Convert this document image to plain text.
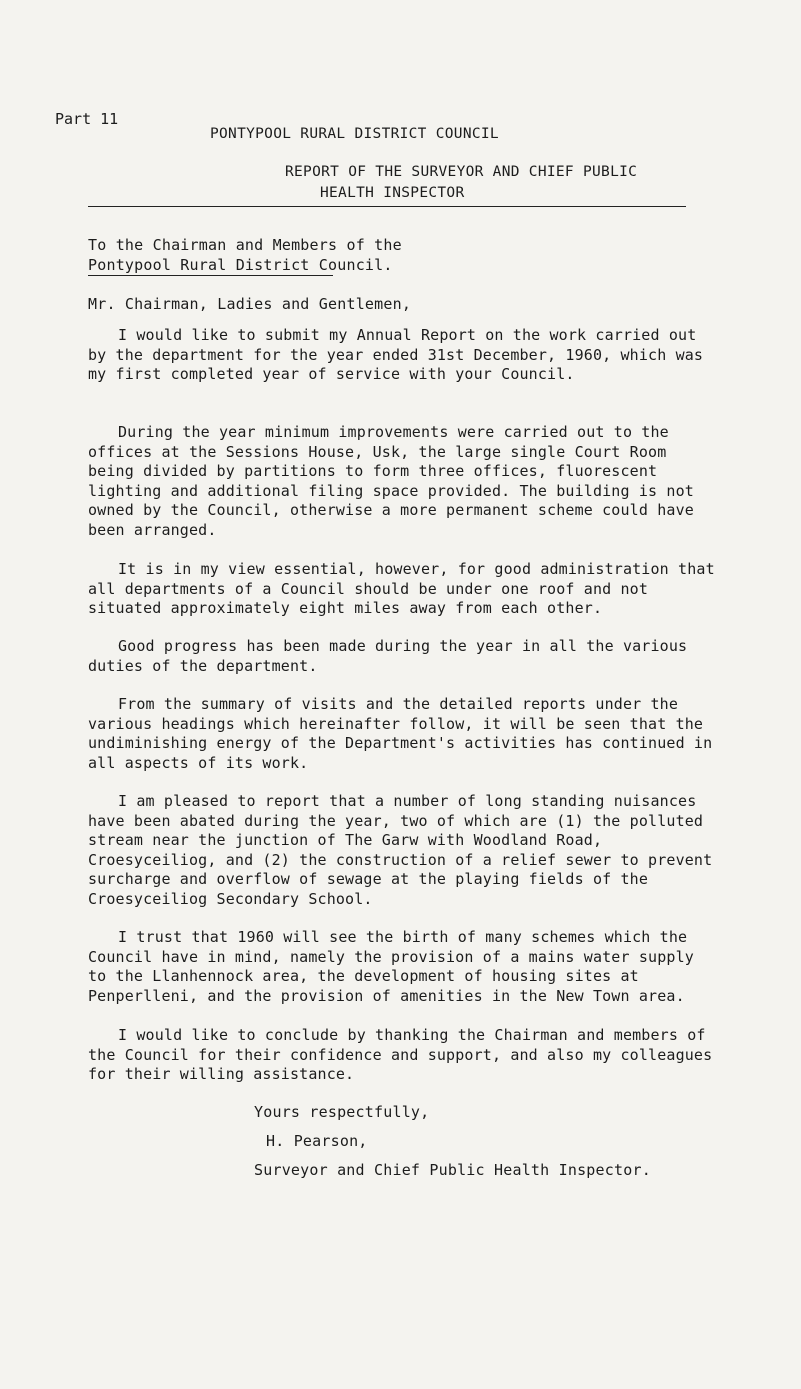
Part 11
PONTYPOOL RURAL DISTRICT COUNCIL
REPORT OF THE SURVEYOR AND CHIEF PUBLIC
HEALTH INSPECTOR
To the Chairman and Members of the
Pontypool Rural District Council.
Mr. Chairman, Ladies and Gentlemen,

I would like to submit my Annual Report on the work carried out by the department for the year ended 31st December, 1960, which was my first completed year of service with your Council.

During the year minimum improvements were carried out to the offices at the Sessions House, Usk, the large single Court Room being divided by partitions to form three offices, fluorescent lighting and additional filing space provided. The building is not owned by the Council, otherwise a more permanent scheme could have been arranged.

It is in my view essential, however, for good administration that all departments of a Council should be under one roof and not situated approximately eight miles away from each other.

Good progress has been made during the year in all the various duties of the department.

From the summary of visits and the detailed reports under the various headings which hereinafter follow, it will be seen that the undiminishing energy of the Department's activities has continued in all aspects of its work.

I am pleased to report that a number of long standing nuisances have been abated during the year, two of which are (1) the polluted stream near the junction of The Garw with Woodland Road, Croesyceiliog, and (2) the construction of a relief sewer to prevent surcharge and overflow of sewage at the playing fields of the Croesyceiliog Secondary School.

I trust that 1960 will see the birth of many schemes which the Council have in mind, namely the provision of a mains water supply to the Llanhennock area, the development of housing sites at Penperlleni, and the provision of amenities in the New Town area.

I would like to conclude by thanking the Chairman and members of the Council for their confidence and support, and also my colleagues for their willing assistance.

Yours respectfully,
H. Pearson,
Surveyor and Chief Public Health Inspector.
